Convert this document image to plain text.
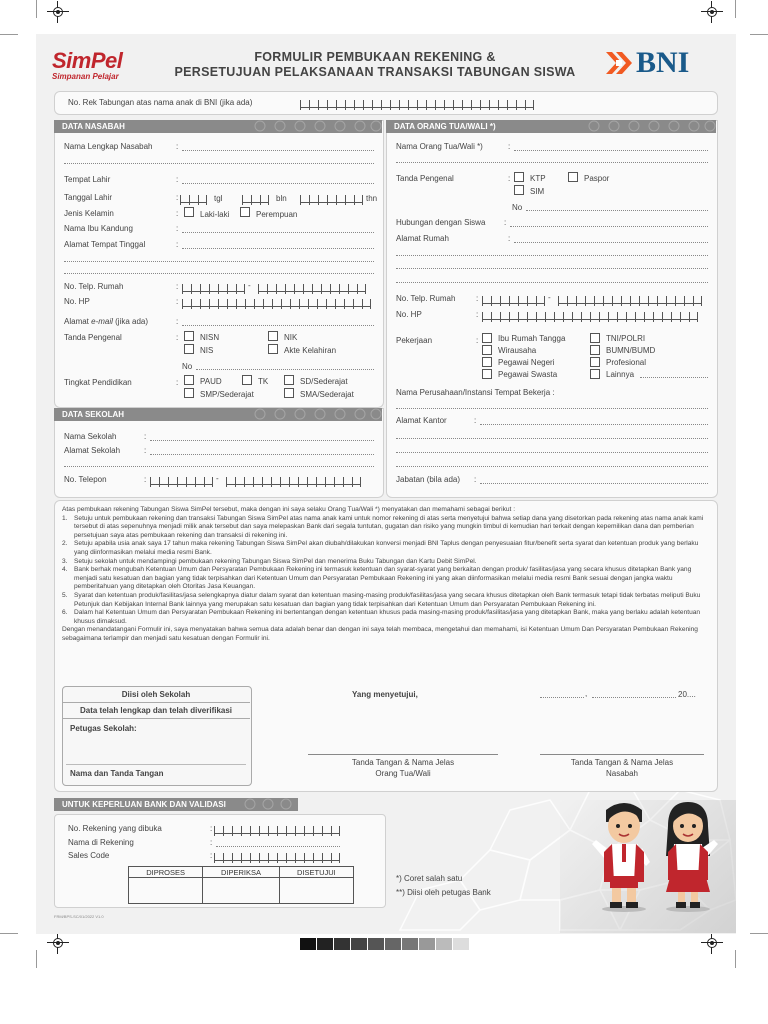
SimPel
Simpanan Pelajar
FORMULIR PEMBUKAAN REKENING &
PERSETUJUAN PELAKSANAAN TRANSAKSI TABUNGAN SISWA	BNI
No. Rek Tabungan atas nama anak di BNI (jika ada)
DATA NASABAH
Nama Lengkap Nasabah	:
Tempat Lahir	:
Tanggal Lahir	:	tgl	bln	thn
Jenis Kelamin	:	Laki-laki	Perempuan
Nama Ibu Kandung	:
Alamat Tempat Tinggal	:
No. Telp. Rumah	:	-
No. HP	:
Alamat e-mail (jika ada)	:
Tanda Pengenal	:	NISN	NIK
NIS	Akte Kelahiran
No
Tingkat Pendidikan	:	PAUD	TK	SD/Sederajat
SMP/Sederajat	SMA/Sederajat
DATA SEKOLAH
Nama Sekolah	:
Alamat Sekolah	:
No. Telepon	:	-
DATA ORANG TUA/WALI *)
Nama Orang Tua/Wali *)	:
Tanda Pengenal	: KTP	Paspor
SIM
No
Hubungan dengan Siswa :
Alamat Rumah	:
No. Telp. Rumah	:	-
No. HP	:
Pekerjaan	: Ibu Rumah Tangga	TNI/POLRI
Wirausaha	BUMN/BUMD
Pegawai Negeri	Profesional
Pegawai Swasta	Lainnya
Nama Perusahaan/Instansi Tempat Bekerja :
Alamat Kantor	:
Jabatan (bila ada) :

Atas pembukaan rekening Tabungan Siswa SimPel tersebut, maka dengan ini saya selaku Orang Tua/Wali *) menyatakan dan memahami sebagai berikut :

1. Setuju untuk pembukaan rekening dan transaksi Tabungan Siswa SimPel atas nama anak kami untuk nomor rekening di atas serta menyetujui bahwa setiap dana yang disetorkan pada rekening atas nama anak kami tersebut di atas sepenuhnya menjadi milik anak tersebut dan saya melepaskan Bank dari segala tuntutan, gugatan dan risiko yang mungkin timbul di kemudian hari terkait dengan kepemilikan dana dan pemberian persetujuan saya atas pembukaan rekening dan transaksi di rekening ini.
2. Setuju apabila usia anak saya 17 tahun maka rekening Tabungan Siswa SimPel akan diubah/dilakukan konversi menjadi BNI Taplus dengan penyesuaian fitur/benefit serta syarat dan ketentuan produk yang berlaku yang diinformasikan melalui media resmi Bank.
3. Setuju sekolah untuk mendampingi pembukaan rekening Tabungan Siswa SimPel dan menerima Buku Tabungan dan Kartu Debit SimPel.
4. Bank berhak mengubah Ketentuan Umum dan Persyaratan Pembukaan Rekening ini termasuk ketentuan dan syarat-syarat yang berkaitan dengan produk/ fasilitas/jasa yang secara khusus ditetapkan Bank yang menjadi satu kesatuan dan bagian yang tidak terpisahkan dari Ketentuan Umum dan Persyaratan Pembukaan Rekening ini yang akan diinformasikan melalui media resmi Bank sesuai dengan jangka waktu pemberitahuan yang ditetapkan oleh Otoritas Jasa Keuangan.
5. Syarat dan ketentuan produk/fasilitas/jasa selengkapnya diatur dalam syarat dan ketentuan masing-masing produk/fasilitas/jasa yang secara khusus ditetapkan oleh Bank termasuk tetapi tidak terbatas meliputi Buku Petunjuk dan Kebijakan Internal Bank lainnya yang merupakan satu kesatuan dan bagian yang tidak terpisahkan dari Ketentuan Umum dan Persyaratan Pembukaan Rekening ini.
6. Dalam hal Ketentuan Umum dan Persyaratan Pembukaan Rekening ini bertentangan dengan ketentuan khusus pada masing-masing produk/fasilitas/jasa yang ditetapkan Bank, maka yang berlaku adalah ketentuan khusus dimaksud.

Dengan menandatangani Formulir ini, saya menyatakan bahwa semua data adalah benar dan dengan ini saya telah membaca, mengetahui dan memahami, isi Ketentuan Umum Dan Persyaratan Pembukaan Rekening sebagaimana terlampir dan menjadi satu kesatuan dengan Formulir ini.

Diisi oleh Sekolah
Data telah lengkap dan telah diverifikasi
Petugas Sekolah:
Nama dan Tanda Tangan
Yang menyetujui,	,	20....
Tanda Tangan & Nama Jelas
Orang Tua/Wali
Tanda Tangan & Nama Jelas
Nasabah
UNTUK KEPERLUAN BANK DAN VALIDASI
No. Rekening yang dibuka	:
Nama di Rekening	:
Sales Code	:
DIPROSES	DIPERIKSA	DISETUJUI

*) Coret salah satu
**) Diisi oleh petugas Bank
FRM/BPS-SC/01/2022 V1.0
